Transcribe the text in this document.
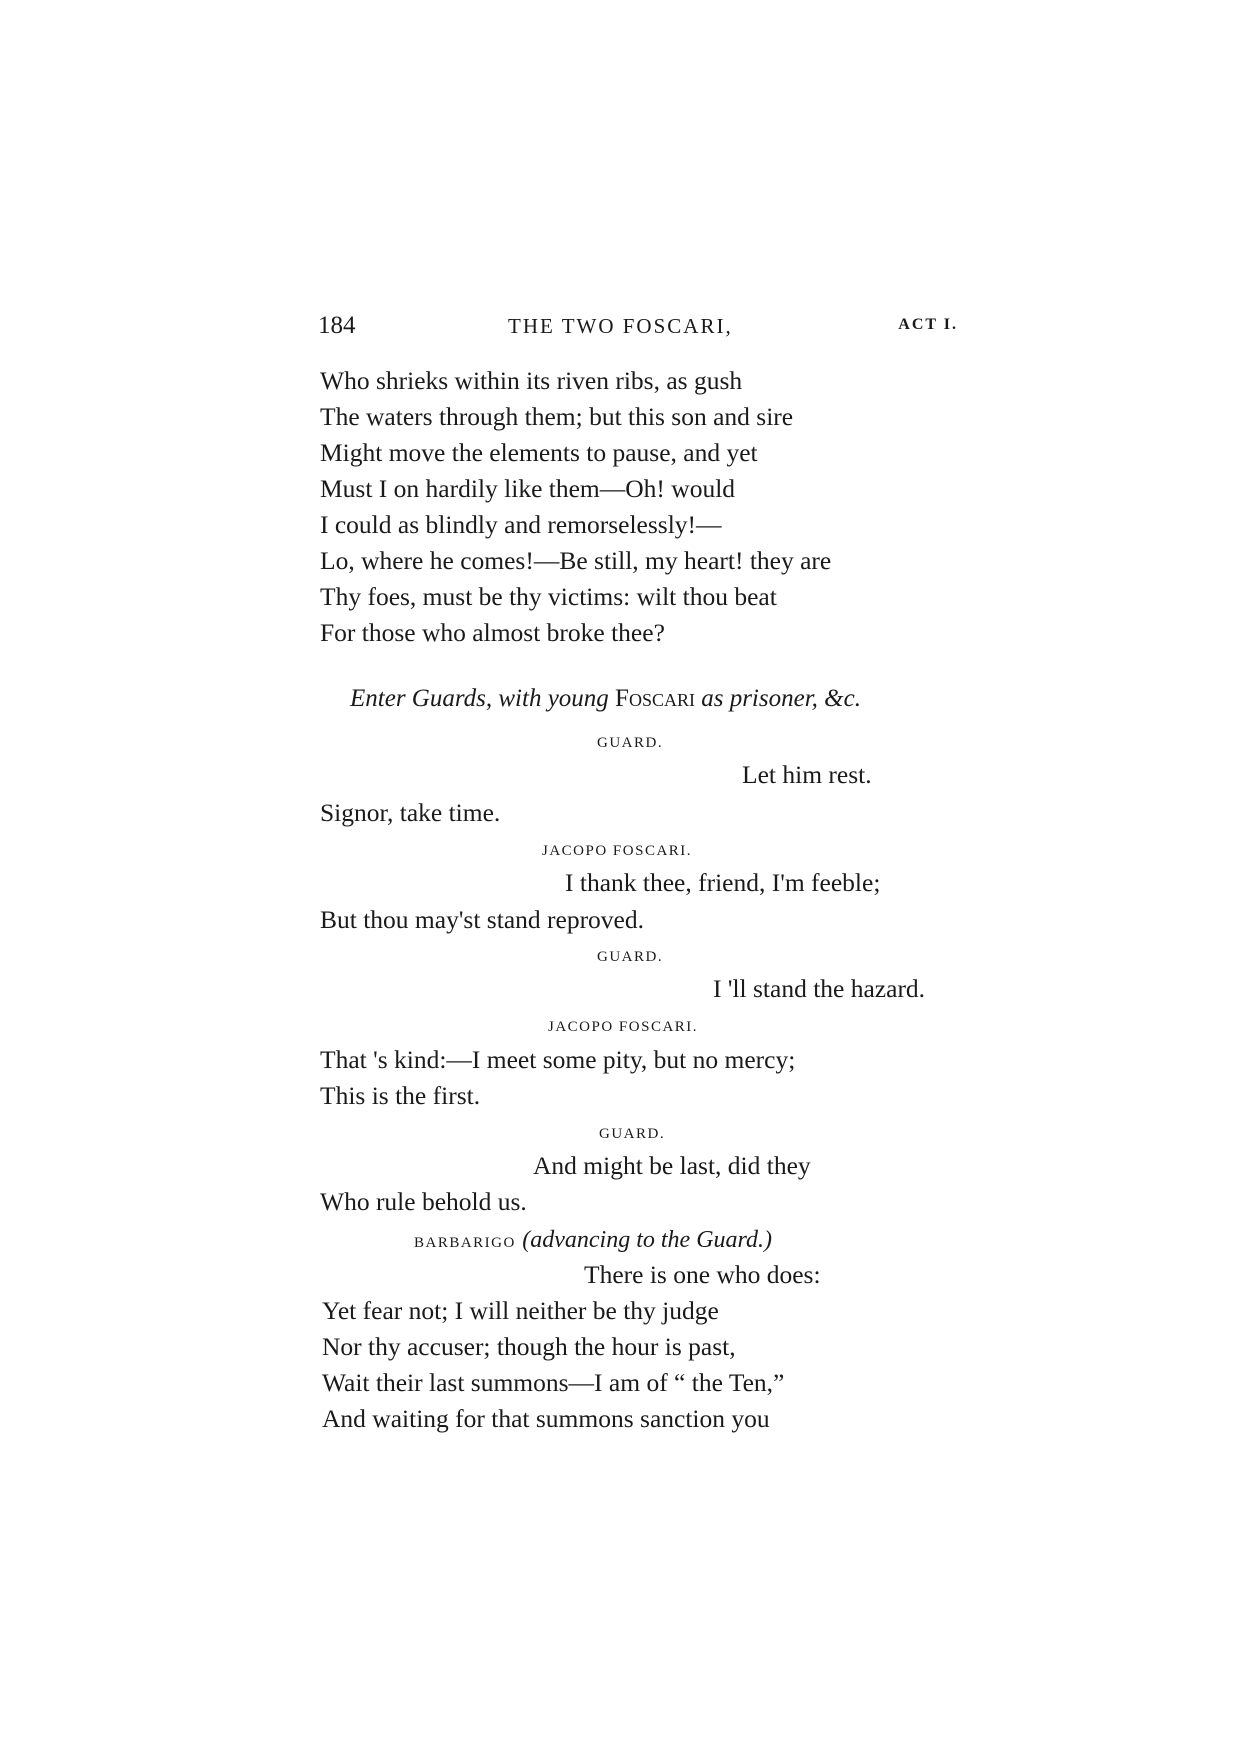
184	THE TWO FOSCARI,	ACT I.
Who shrieks within its riven ribs, as gush
The waters through them; but this son and sire
Might move the elements to pause, and yet
Must I on hardily like them—Oh! would
I could as blindly and remorselessly!—
Lo, where he comes!—Be still, my heart! they are
Thy foes, must be thy victims: wilt thou beat
For those who almost broke thee?
Enter Guards, with young Foscari as prisoner, &c.
GUARD.
Let him rest.
Signor, take time.
JACOPO FOSCARI.
I thank thee, friend, I'm feeble;
But thou may'st stand reproved.
GUARD.
I 'll stand the hazard.
JACOPO FOSCARI.
That 's kind:—I meet some pity, but no mercy;
This is the first.
GUARD.
And might be last, did they
Who rule behold us.
BARBARIGO (advancing to the Guard.)
There is one who does:
Yet fear not; I will neither be thy judge
Nor thy accuser; though the hour is past,
Wait their last summons—I am of “ the Ten,”
And waiting for that summons sanction you
